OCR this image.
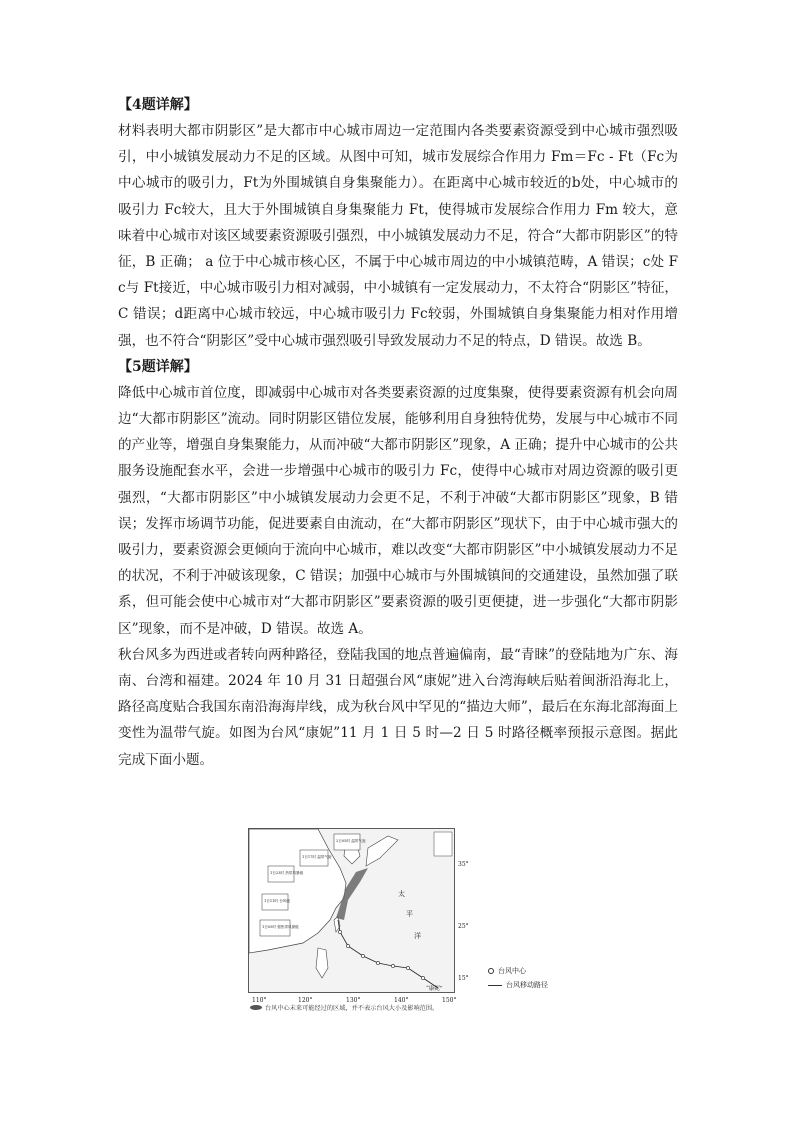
【4题详解】

材料表明大都市阴影区”是大都市中心城市周边一定范围内各类要素资源受到中心城市强烈吸引，中小城镇发展动力不足的区域。从图中可知，城市发展综合作用力 Fm＝Fc - Ft（Fc为中心城市的吸引力，Ft为外围城镇自身集聚能力）。在距离中心城市较近的b处，中心城市的吸引力 Fc较大，且大于外围城镇自身集聚能力 Ft，使得城市发展综合作用力 Fm 较大，意味着中心城市对该区域要素资源吸引强烈，中小城镇发展动力不足，符合“大都市阴影区”的特征，B 正确； a 位于中心城市核心区，不属于中心城市周边的中小城镇范畴，A 错误；c处 Fc与 Ft接近，中心城市吸引力相对减弱，中小城镇有一定发展动力，不太符合“阴影区”特征，C 错误；d距离中心城市较远，中心城市吸引力 Fc较弱，外围城镇自身集聚能力相对作用增强，也不符合“阴影区”受中心城市强烈吸引导致发展动力不足的特点，D 错误。故选 B。

【5题详解】

降低中心城市首位度，即减弱中心城市对各类要素资源的过度集聚，使得要素资源有机会向周边“大都市阴影区”流动。同时阴影区错位发展，能够利用自身独特优势，发展与中心城市不同的产业等，增强自身集聚能力，从而冲破“大都市阴影区”现象，A 正确；提升中心城市的公共服务设施配套水平，会进一步增强中心城市的吸引力 Fc，使得中心城市对周边资源的吸引更强烈，“大都市阴影区”中小城镇发展动力会更不足，不利于冲破“大都市阴影区”现象，B 错误；发挥市场调节功能，促进要素自由流动，在“大都市阴影区”现状下，由于中心城市强大的吸引力，要素资源会更倾向于流向中心城市，难以改变“大都市阴影区”中小城镇发展动力不足的状况，不利于冲破该现象，C 错误；加强中心城市与外围城镇间的交通建设，虽然加强了联系，但可能会使中心城市对“大都市阴影区”要素资源的吸引更便捷，进一步强化“大都市阴影区”现象，而不是冲破，D 错误。故选 A。

秋台风多为西进或者转向两种路径，登陆我国的地点普遍偏南，最“青睐”的登陆地为广东、海南、台湾和福建。2024 年 10 月 31 日超强台风“康妮”进入台湾海峡后贴着闽浙沿海北上，路径高度贴合我国东南沿海海岸线，成为秋台风中罕见的“描边大师”，最后在东海北部海面上变性为温带气旋。如图为台风“康妮”11 月 1 日 5 时—2 日 5 时路径概率预报示意图。据此完成下面小题。

太
平
洋
35°
25°
15°
110°	120°	130°	140°	150°
“康妮”
1日17时 温带气旋
2日05时 温带气旋
1日23时 热带风暴级
1日11时 台风级
1日05时 强热带风暴级
台风中心
台风移动路径
台风中心未来可能经过的区域，并不表示台风大小及影响范围。
